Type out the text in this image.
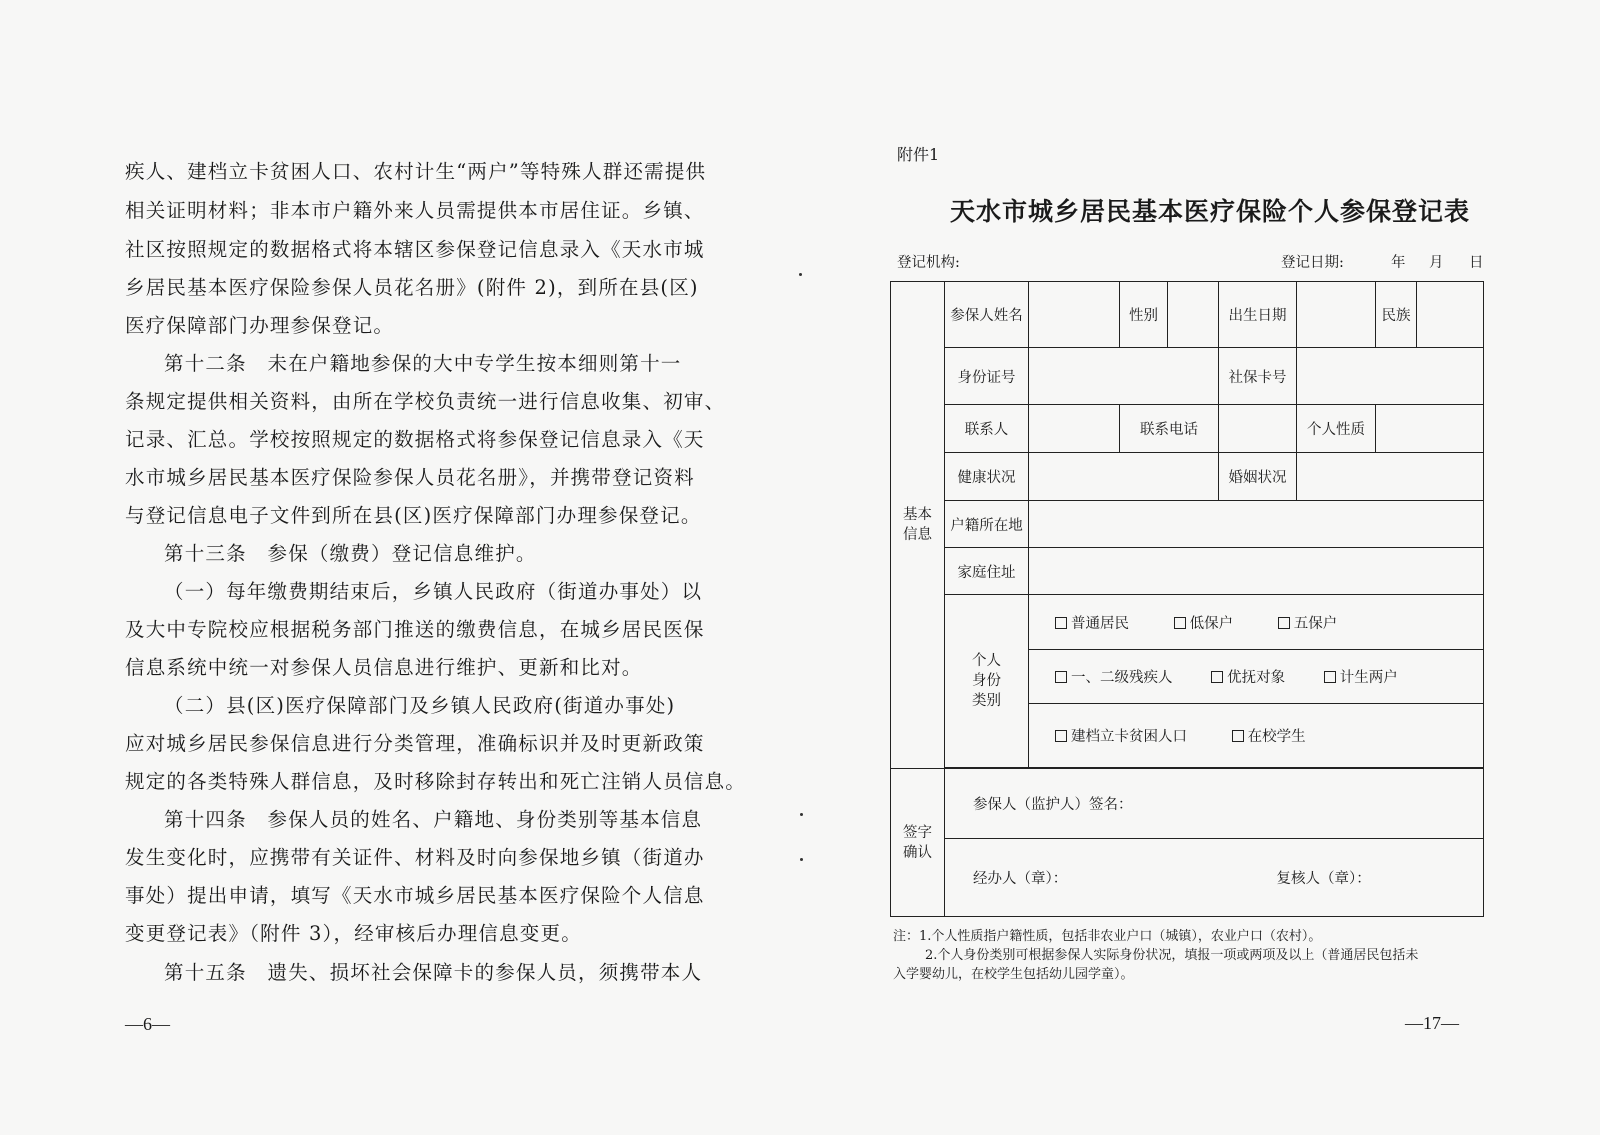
疾人、建档立卡贫困人口、农村计生“两户”等特殊人群还需提供
相关证明材料；非本市户籍外来人员需提供本市居住证。乡镇、
社区按照规定的数据格式将本辖区参保登记信息录入《天水市城
乡居民基本医疗保险参保人员花名册》(附件 2)，到所在县(区)
医疗保障部门办理参保登记。
第十二条　未在户籍地参保的大中专学生按本细则第十一
条规定提供相关资料，由所在学校负责统一进行信息收集、初审、
记录、汇总。学校按照规定的数据格式将参保登记信息录入《天
水市城乡居民基本医疗保险参保人员花名册》，并携带登记资料
与登记信息电子文件到所在县(区)医疗保障部门办理参保登记。
第十三条　参保（缴费）登记信息维护。
（一）每年缴费期结束后，乡镇人民政府（街道办事处）以
及大中专院校应根据税务部门推送的缴费信息，在城乡居民医保
信息系统中统一对参保人员信息进行维护、更新和比对。
（二）县(区)医疗保障部门及乡镇人民政府(街道办事处)
应对城乡居民参保信息进行分类管理，准确标识并及时更新政策
规定的各类特殊人群信息，及时移除封存转出和死亡注销人员信息。
第十四条　参保人员的姓名、户籍地、身份类别等基本信息
发生变化时，应携带有关证件、材料及时向参保地乡镇（街道办
事处）提出申请，填写《天水市城乡居民基本医疗保险个人信息
变更登记表》（附件 3），经审核后办理信息变更。
第十五条　遗失、损坏社会保障卡的参保人员，须携带本人
—6—
附件1
天水市城乡居民基本医疗保险个人参保登记表
登记机构:	登记日期:	年 月 日
基本信息	参保人姓名		性别		出生日期		民族	
	身份证号				社保卡号			
	联系人		联系电话			个人性质		
	健康状况				婚姻状况			
	户籍所在地							
	家庭住址							

	个人身份类别	普通居民 低保户 五保户						
		一、二级残疾人 优抚对象 计生两户						
		建档立卡贫困人口 在校学生						

签字确认	参保人（监护人）签名：							
	经办人（章）： 复核人（章）：							
注：1.个人性质指户籍性质，包括非农业户口（城镇），农业户口（农村）。
2.个人身份类别可根据参保人实际身份状况，填报一项或两项及以上（普通居民包括未
入学婴幼儿，在校学生包括幼儿园学童）。
—17—
